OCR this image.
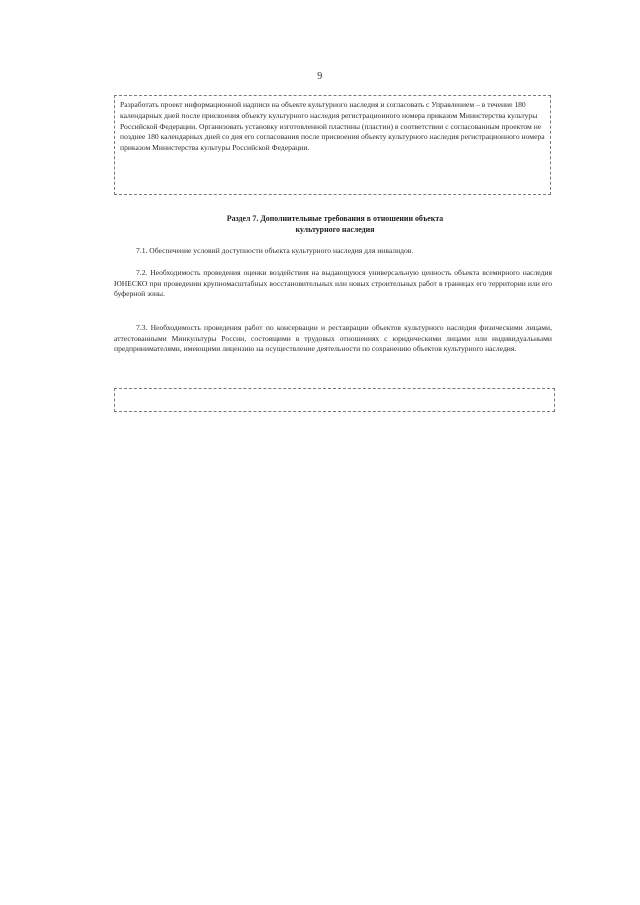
9

Разработать проект информационной надписи на объекте культурного наследия и согласовать с Управлением – в течение 180 календарных дней после присвоения объекту культурного наследия регистрационного номера приказом Министерства культуры Российской Федерации. Организовать установку изготовленной пластины (пластин) в соответствии с согласованным проектом не позднее 180 календарных дней со дня его согласования после присвоения объекту культурного наследия регистрационного номера приказом Министерства культуры Российской Федерации.

Раздел 7. Дополнительные требования в отношении объекта
культурного наследия

7.1. Обеспечение условий доступности объекта культурного наследия для инвалидов.

7.2. Необходимость проведения оценки воздействия на выдающуюся универсальную ценность объекта всемирного наследия ЮНЕСКО при проведении крупномасштабных восстановительных или новых строительных работ в границах его территории или его буферной зоны.

7.3. Необходимость проведения работ по консервации и реставрации объектов культурного наследия физическими лицами, аттестованными Минкультуры России, состоящими в трудовых отношениях с юридическими лицами или индивидуальными предпринимателями, имеющими лицензию на осуществление деятельности по сохранению объектов культурного наследия.
